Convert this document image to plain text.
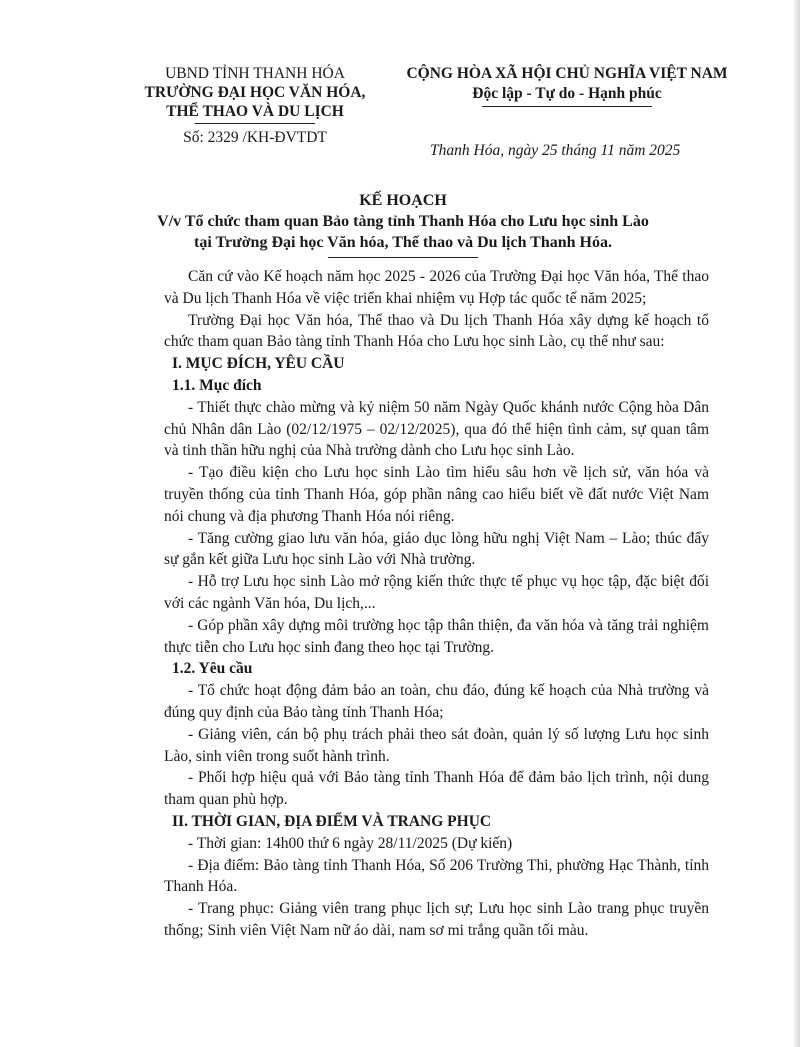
UBND TỈNH THANH HÓA
TRƯỜNG ĐẠI HỌC VĂN HÓA,
THỂ THAO VÀ DU LỊCH
Số: 2329 /KH-ĐVTDT
CỘNG HÒA XÃ HỘI CHỦ NGHĨA VIỆT NAM
Độc lập - Tự do - Hạnh phúc
Thanh Hóa, ngày 25 tháng 11 năm 2025
KẾ HOẠCH
V/v Tổ chức tham quan Bảo tàng tỉnh Thanh Hóa cho Lưu học sinh Lào
tại Trường Đại học Văn hóa, Thể thao và Du lịch Thanh Hóa.

Căn cứ vào Kế hoạch năm học 2025 - 2026 của Trường Đại học Văn hóa, Thể thao và Du lịch Thanh Hóa về việc triển khai nhiệm vụ Hợp tác quốc tế năm 2025;

Trường Đại học Văn hóa, Thể thao và Du lịch Thanh Hóa xây dựng kế hoạch tổ chức tham quan Bảo tàng tỉnh Thanh Hóa cho Lưu học sinh Lào, cụ thể như sau:

I. MỤC ĐÍCH, YÊU CẦU

1.1. Mục đích

- Thiết thực chào mừng và kỷ niệm 50 năm Ngày Quốc khánh nước Cộng hòa Dân chủ Nhân dân Lào (02/12/1975 – 02/12/2025), qua đó thể hiện tình cảm, sự quan tâm và tinh thần hữu nghị của Nhà trường dành cho Lưu học sinh Lào.

- Tạo điều kiện cho Lưu học sinh Lào tìm hiểu sâu hơn về lịch sử, văn hóa và truyền thống của tỉnh Thanh Hóa, góp phần nâng cao hiểu biết về đất nước Việt Nam nói chung và địa phương Thanh Hóa nói riêng.

- Tăng cường giao lưu văn hóa, giáo dục lòng hữu nghị Việt Nam – Lào; thúc đẩy sự gắn kết giữa Lưu học sinh Lào với Nhà trường.

- Hỗ trợ Lưu học sinh Lào mở rộng kiến thức thực tế phục vụ học tập, đặc biệt đối với các ngành Văn hóa, Du lịch,...

- Góp phần xây dựng môi trường học tập thân thiện, đa văn hóa và tăng trải nghiệm thực tiễn cho Lưu học sinh đang theo học tại Trường.

1.2. Yêu cầu

- Tổ chức hoạt động đảm bảo an toàn, chu đáo, đúng kế hoạch của Nhà trường và đúng quy định của Bảo tàng tỉnh Thanh Hóa;

- Giảng viên, cán bộ phụ trách phải theo sát đoàn, quản lý số lượng Lưu học sinh Lào, sinh viên trong suốt hành trình.

- Phối hợp hiệu quả với Bảo tàng tỉnh Thanh Hóa để đảm bảo lịch trình, nội dung tham quan phù hợp.

II. THỜI GIAN, ĐỊA ĐIỂM VÀ TRANG PHỤC

- Thời gian: 14h00 thứ 6 ngày 28/11/2025 (Dự kiến)

- Địa điểm: Bảo tàng tỉnh Thanh Hóa, Số 206 Trường Thi, phường Hạc Thành, tỉnh Thanh Hóa.

- Trang phục: Giảng viên trang phục lịch sự; Lưu học sinh Lào trang phục truyền thống; Sinh viên Việt Nam nữ áo dài, nam sơ mi trắng quần tối màu.
